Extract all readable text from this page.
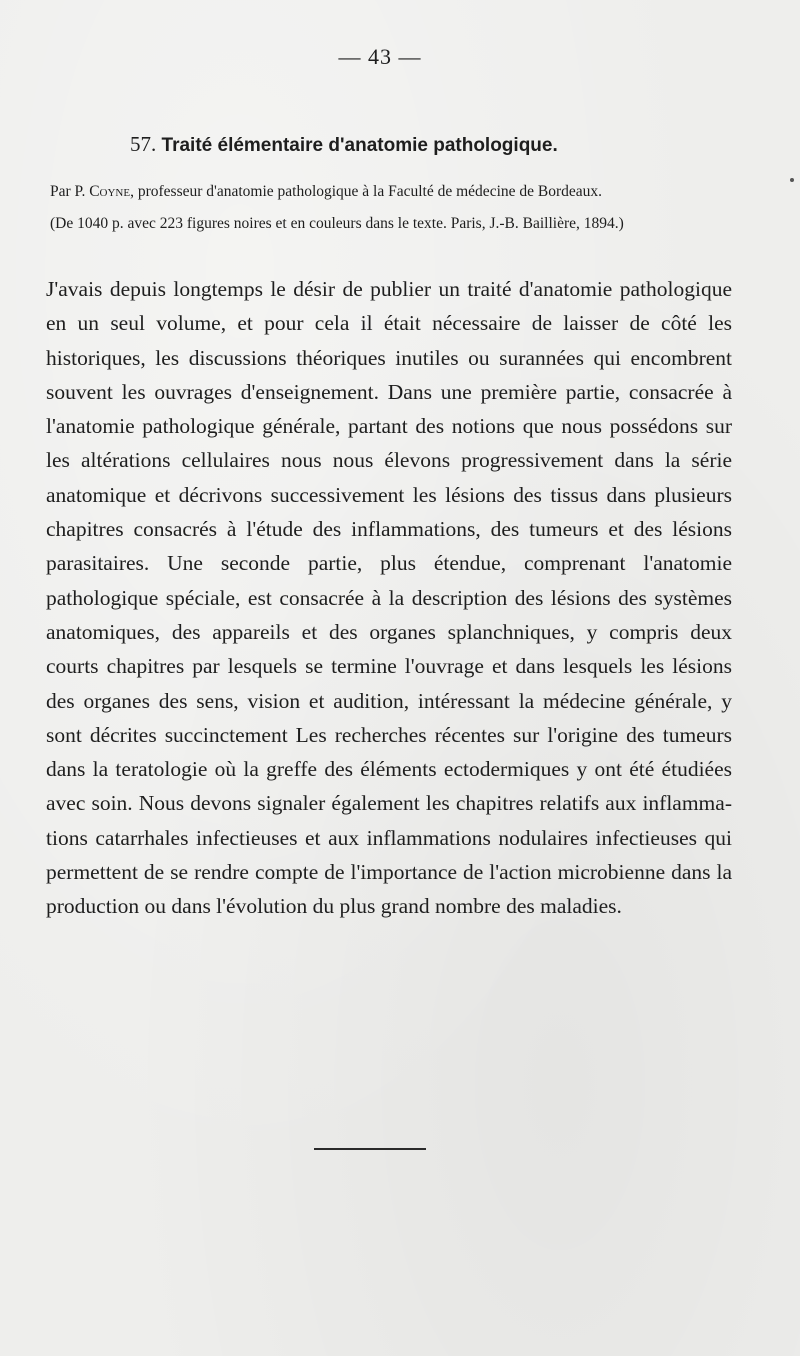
— 43 —
57. Traité élémentaire d'anatomie pathologique.
Par P. Coyne, professeur d'anatomie pathologique à la Faculté de médecine de Bordeaux.
(De 1040 p. avec 223 figures noires et en couleurs dans le texte. Paris, J.-B. Baillière, 1894.)
J'avais depuis longtemps le désir de publier un traité d'anatomie pathologique en un seul volume, et pour cela il était nécessaire de laisser de côté les historiques, les discussions théoriques inutiles ou surannées qui encombrent souvent les ouvrages d'enseignement. Dans une première partie, consacrée à l'anatomie pathologique générale, partant des notions que nous possédons sur les altérations cellulaires nous nous élevons progressivement dans la série anatomique et décrivons successivement les lésions des tissus dans plusieurs chapitres consacrés à l'étude des inflammations, des tumeurs et des lésions parasitaires. Une seconde partie, plus étendue, comprenant l'anatomie pathologique spéciale, est consacrée à la description des lésions des systèmes anatomiques, des appareils et des organes splanchniques, y compris deux courts chapitres par lesquels se termine l'ouvrage et dans lesquels les lésions des organes des sens, vision et audition, intéressant la médecine générale, y sont décrites succinctement Les recherches récentes sur l'origine des tumeurs dans la teratologie où la greffe des éléments ectodermiques y ont été étudiées avec soin. Nous devons signaler également les chapitres relatifs aux inflammations catarrhales infectieuses et aux inflammations nodulaires infectieuses qui permettent de se rendre compte de l'importance de l'action microbienne dans la production ou dans l'évolution du plus grand nombre des maladies.
